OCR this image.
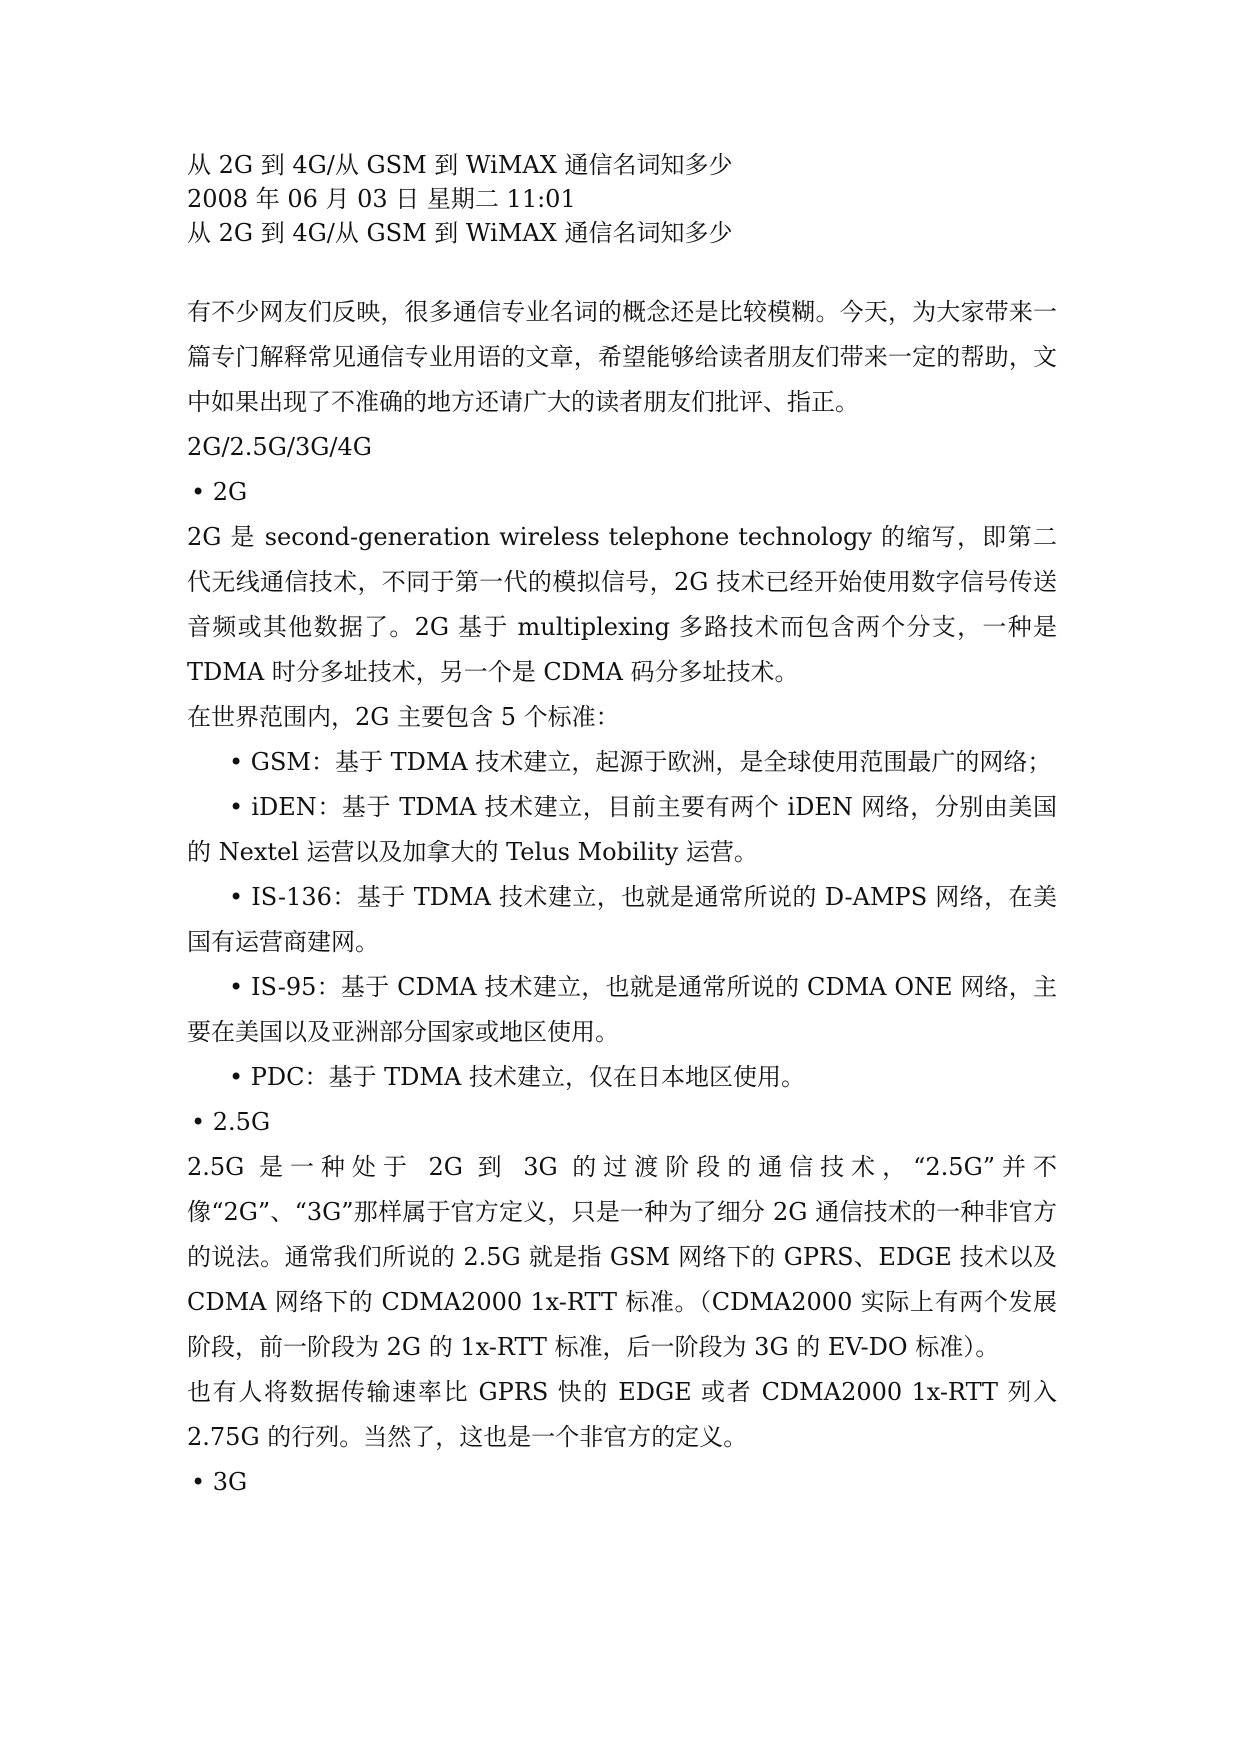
从 2G 到 4G/从 GSM 到 WiMAX 通信名词知多少
2008 年 06 月 03 日 星期二 11:01
从 2G 到 4G/从 GSM 到 WiMAX 通信名词知多少

有不少网友们反映，很多通信专业名词的概念还是比较模糊。今天，为大家带来一篇专门解释常见通信专业用语的文章，希望能够给读者朋友们带来一定的帮助，文中如果出现了不准确的地方还请广大的读者朋友们批评、指正。

2G/2.5G/3G/4G
• 2G

2G 是 second-generation wireless telephone technology 的缩写，即第二代无线通信技术，不同于第一代的模拟信号，2G 技术已经开始使用数字信号传送音频或其他数据了。2G 基于 multiplexing 多路技术而包含两个分支，一种是 TDMA 时分多址技术，另一个是 CDMA 码分多址技术。

在世界范围内，2G 主要包含 5 个标准：

• GSM：基于 TDMA 技术建立，起源于欧洲，是全球使用范围最广的网络；

• iDEN：基于 TDMA 技术建立，目前主要有两个 iDEN 网络，分别由美国的 Nextel 运营以及加拿大的 Telus Mobility 运营。

• IS-136：基于 TDMA 技术建立，也就是通常所说的 D-AMPS 网络，在美国有运营商建网。

• IS-95：基于 CDMA 技术建立，也就是通常所说的 CDMA ONE 网络，主要在美国以及亚洲部分国家或地区使用。

• PDC：基于 TDMA 技术建立，仅在日本地区使用。

• 2.5G

2.5G 是一种处于 2G 到 3G 的过渡阶段的通信技术，“2.5G”并不像“2G”、“3G”那样属于官方定义，只是一种为了细分 2G 通信技术的一种非官方的说法。通常我们所说的 2.5G 就是指 GSM 网络下的 GPRS、EDGE 技术以及 CDMA 网络下的 CDMA2000 1x-RTT 标准。（CDMA2000 实际上有两个发展阶段，前一阶段为 2G 的 1x-RTT 标准，后一阶段为 3G 的 EV-DO 标准）。

也有人将数据传输速率比 GPRS 快的 EDGE 或者 CDMA2000 1x-RTT 列入 2.75G 的行列。当然了，这也是一个非官方的定义。

• 3G
